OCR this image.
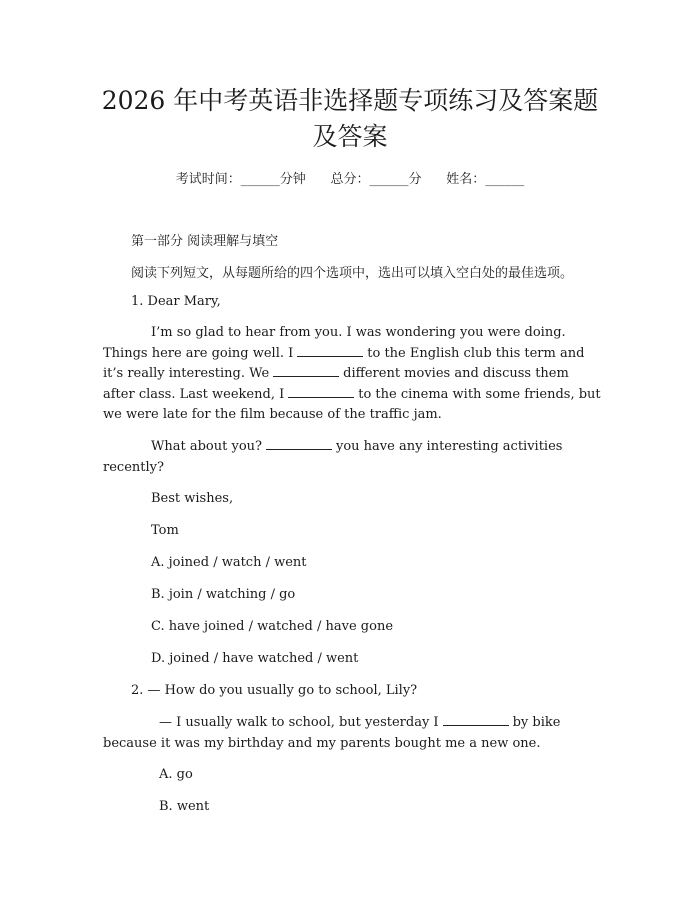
2026 年中考英语非选择题专项练习及答案题
及答案
考试时间：______分钟      总分：______分      姓名：______

第一部分 阅读理解与填空

阅读下列短文，从每题所给的四个选项中，选出可以填入空白处的最佳选项。

1. Dear Mary,

I’m so glad to hear from you. I was wondering you were doing. Things here are going well. I	to the English club this term and it’s really interesting. We	different movies and discuss them after class. Last weekend, I	to the cinema with some friends, but we were late for the film because of the traffic jam.

What about you?	you have any interesting activities recently?

Best wishes,

Tom

A. joined / watch / went

B. join / watching / go

C. have joined / watched / have gone

D. joined / have watched / went

2. — How do you usually go to school, Lily?

— I usually walk to school, but yesterday I	by bike because it was my birthday and my parents bought me a new one.

A. go

B. went
